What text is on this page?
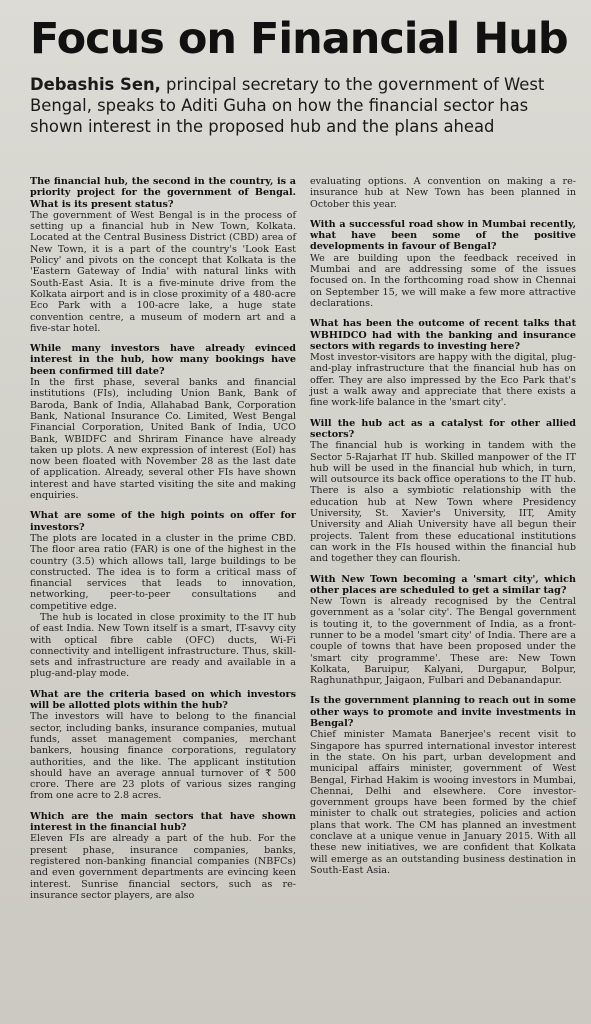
Focus on Financial Hub
Debashis Sen, principal secretary to the government of West Bengal, speaks to Aditi Guha on how the financial sector has shown interest in the proposed hub and the plans ahead

The financial hub, the second in the country, is a priority project for the government of Bengal. What is its present status?

The government of West Bengal is in the process of setting up a financial hub in New Town, Kolkata. Located at the Central Business District (CBD) area of New Town, it is a part of the country's 'Look East Policy' and pivots on the concept that Kolkata is the 'Eastern Gateway of India' with natural links with South-East Asia. It is a five-minute drive from the Kolkata airport and is in close proximity of a 480-acre Eco Park with a 100-acre lake, a huge state convention centre, a museum of modern art and a five-star hotel.

While many investors have already evinced interest in the hub, how many bookings have been confirmed till date?

In the first phase, several banks and financial institutions (FIs), including Union Bank, Bank of Baroda, Bank of India, Allahabad Bank, Corporation Bank, National Insurance Co. Limited, West Bengal Financial Corporation, United Bank of India, UCO Bank, WBIDFC and Shriram Finance have already taken up plots. A new expression of interest (EoI) has now been floated with November 28 as the last date of application. Already, several other FIs have shown interest and have started visiting the site and making enquiries.

What are some of the high points on offer for investors?

The plots are located in a cluster in the prime CBD. The floor area ratio (FAR) is one of the highest in the country (3.5) which allows tall, large buildings to be constructed. The idea is to form a critical mass of financial services that leads to innovation, networking, peer-to-peer consultations and competitive edge.

The hub is located in close proximity to the IT hub of east India. New Town itself is a smart, IT-savvy city with optical fibre cable (OFC) ducts, Wi-Fi connectivity and intelligent infrastructure. Thus, skill-sets and infrastructure are ready and available in a plug-and-play mode.

What are the criteria based on which investors will be allotted plots within the hub?

The investors will have to belong to the financial sector, including banks, insurance companies, mutual funds, asset management companies, merchant bankers, housing finance corporations, regulatory authorities, and the like. The applicant institution should have an average annual turnover of ₹ 500 crore. There are 23 plots of various sizes ranging from one acre to 2.8 acres.

Which are the main sectors that have shown interest in the financial hub?

Eleven FIs are already a part of the hub. For the present phase, insurance companies, banks, registered non-banking financial companies (NBFCs) and even government departments are evincing keen interest. Sunrise financial sectors, such as re-insurance sector players, are also

evaluating options. A convention on making a re-insurance hub at New Town has been planned in October this year.

With a successful road show in Mumbai recently, what have been some of the positive developments in favour of Bengal?

We are building upon the feedback received in Mumbai and are addressing some of the issues focused on. In the forthcoming road show in Chennai on September 15, we will make a few more attractive declarations.

What has been the outcome of recent talks that WBHIDCO had with the banking and insurance sectors with regards to investing here?

Most investor-visitors are happy with the digital, plug-and-play infrastructure that the financial hub has on offer. They are also impressed by the Eco Park that's just a walk away and appreciate that there exists a fine work-life balance in the 'smart city'.

Will the hub act as a catalyst for other allied sectors?

The financial hub is working in tandem with the Sector 5-Rajarhat IT hub. Skilled manpower of the IT hub will be used in the financial hub which, in turn, will outsource its back office operations to the IT hub. There is also a symbiotic relationship with the education hub at New Town where Presidency University, St. Xavier's University, IIT, Amity University and Aliah University have all begun their projects. Talent from these educational institutions can work in the FIs housed within the financial hub and together they can flourish.

With New Town becoming a 'smart city', which other places are scheduled to get a similar tag?

New Town is already recognised by the Central government as a 'solar city'. The Bengal government is touting it, to the government of India, as a front-runner to be a model 'smart city' of India. There are a couple of towns that have been proposed under the 'smart city programme'. These are: New Town Kolkata, Baruipur, Kalyani, Durgapur, Bolpur, Raghunathpur, Jaigaon, Fulbari and Debanandapur.

Is the government planning to reach out in some other ways to promote and invite investments in Bengal?

Chief minister Mamata Banerjee's recent visit to Singapore has spurred international investor interest in the state. On his part, urban development and municipal affairs minister, government of West Bengal, Firhad Hakim is wooing investors in Mumbai, Chennai, Delhi and elsewhere. Core investor-government groups have been formed by the chief minister to chalk out strategies, policies and action plans that work. The CM has planned an investment conclave at a unique venue in January 2015. With all these new initiatives, we are confident that Kolkata will emerge as an outstanding business destination in South-East Asia.
